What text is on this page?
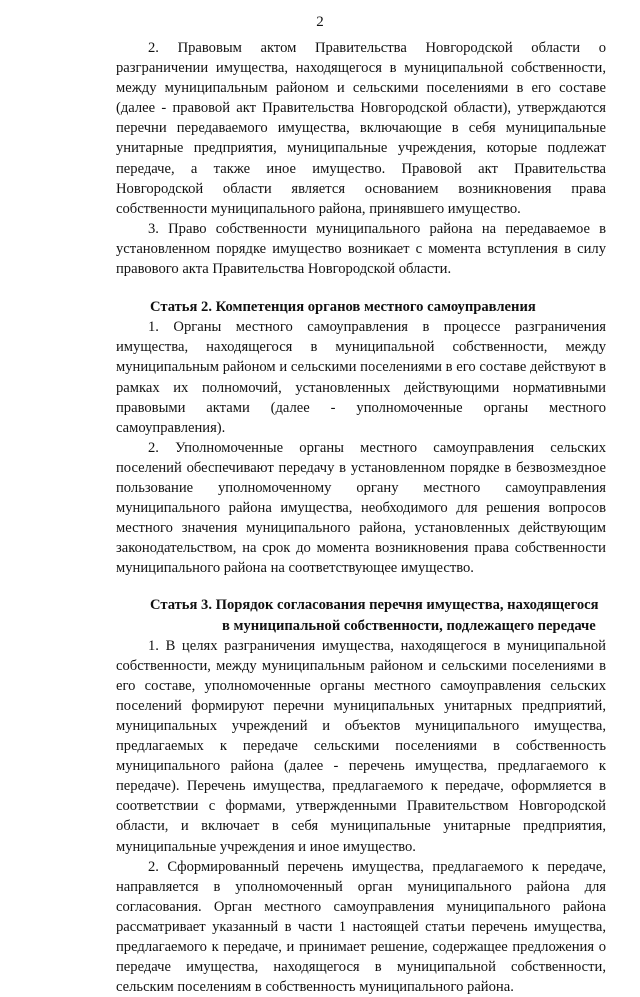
2

2. Правовым актом Правительства Новгородской области о разграничении имущества, находящегося в муниципальной собственности, между муниципальным районом и сельскими поселениями в его составе (далее - правовой акт Правительства Новгородской области), утверждаются перечни передаваемого имущества, включающие в себя муниципальные унитарные предприятия, муниципальные учреждения, которые подлежат передаче, а также иное имущество. Правовой акт Правительства Новгородской области является основанием возникновения права собственности муниципального района, принявшего имущество.

3. Право собственности муниципального района на передаваемое в установленном порядке имущество возникает с момента вступления в силу правового акта Правительства Новгородской области.

Статья 2. Компетенция органов местного самоуправления

1. Органы местного самоуправления в процессе разграничения имущества, находящегося в муниципальной собственности, между муниципальным районом и сельскими поселениями в его составе действуют в рамках их полномочий, установленных действующими нормативными правовыми актами (далее - уполномоченные органы местного самоуправления).

2. Уполномоченные органы местного самоуправления сельских поселений обеспечивают передачу в установленном порядке в безвозмездное пользование уполномоченному органу местного самоуправления муниципального района имущества, необходимого для решения вопросов местного значения муниципального района, установленных действующим законодательством, на срок до момента возникновения права собственности муниципального района на соответствующее имущество.

Статья 3. Порядок согласования перечня имущества, находящегося
в муниципальной собственности, подлежащего передаче

1. В целях разграничения имущества, находящегося в муниципальной собственности, между муниципальным районом и сельскими поселениями в его составе, уполномоченные органы местного самоуправления сельских поселений формируют перечни муниципальных унитарных предприятий, муниципальных учреждений и объектов муниципального имущества, предлагаемых к передаче сельскими поселениями в собственность муниципального района (далее - перечень имущества, предлагаемого к передаче). Перечень имущества, предлагаемого к передаче, оформляется в соответствии с формами, утвержденными Правительством Новгородской области, и включает в себя муниципальные унитарные предприятия, муниципальные учреждения и иное имущество.

2. Сформированный перечень имущества, предлагаемого к передаче, направляется в уполномоченный орган муниципального района для согласования. Орган местного самоуправления муниципального района рассматривает указанный в части 1 настоящей статьи перечень имущества, предлагаемого к передаче, и принимает решение, содержащее предложения о передаче имущества, находящегося в муниципальной собственности, сельским поселениям в собственность муниципального района.
